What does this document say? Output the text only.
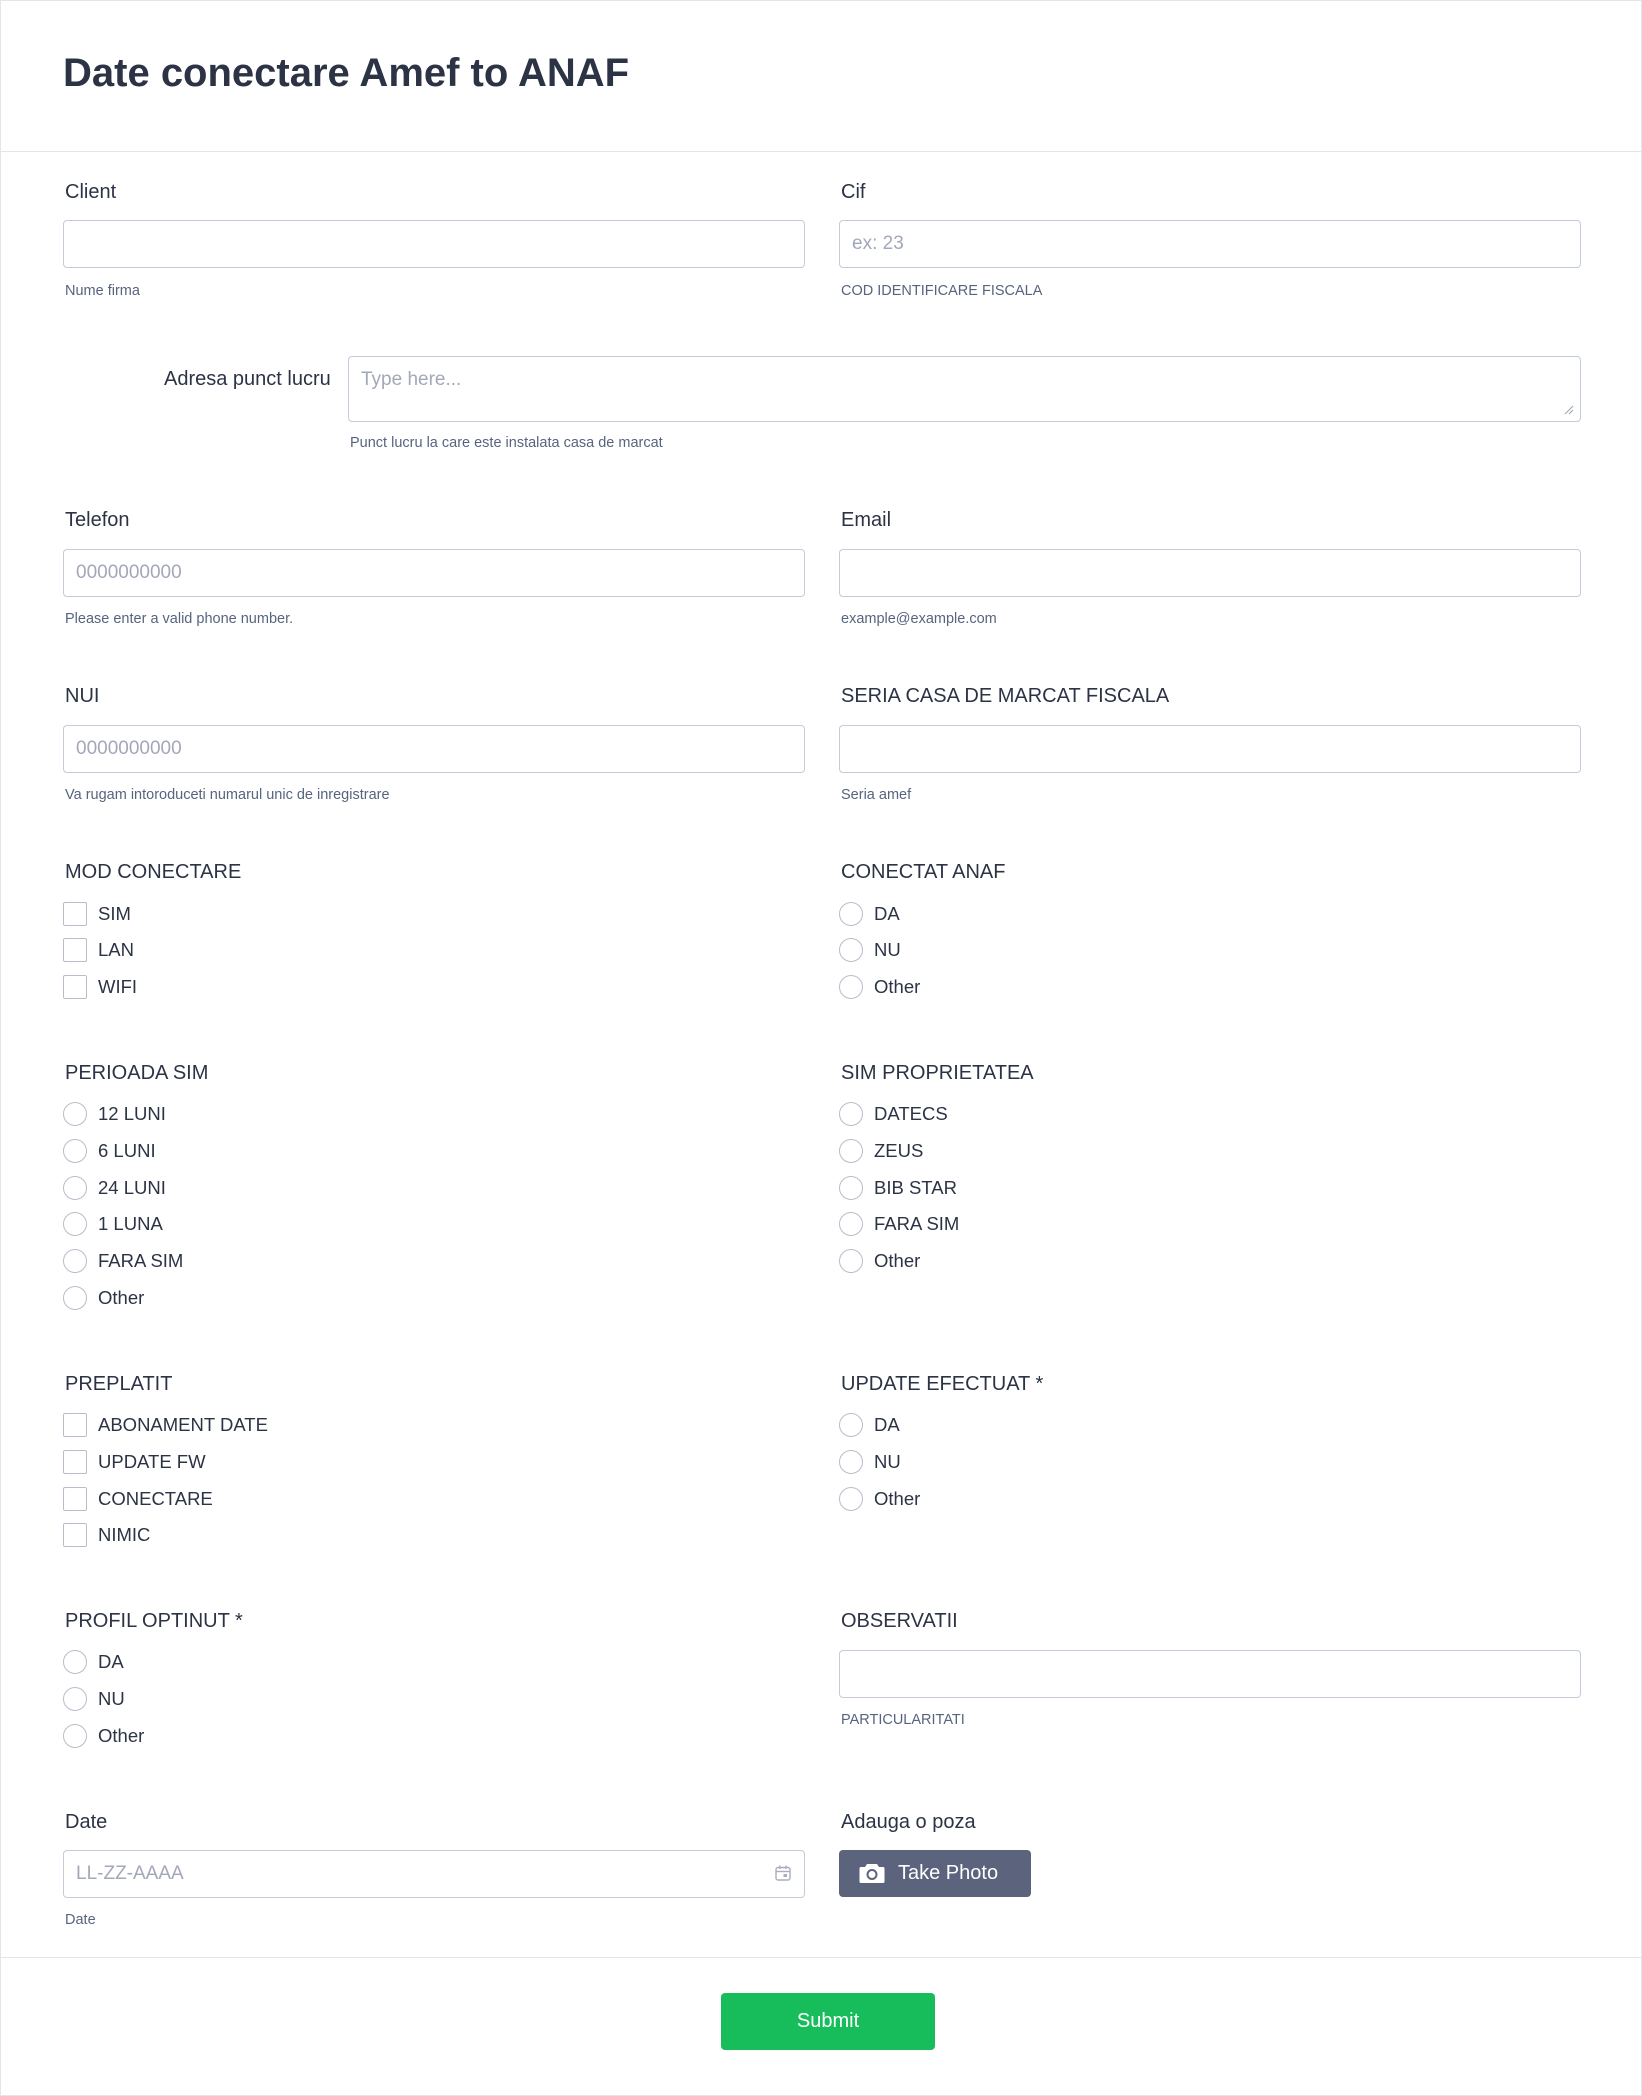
Date conectare Amef to ANAF
Client
Nume firma
Cif
ex: 23
COD IDENTIFICARE FISCALA
Adresa punct lucru
Type here...
Punct lucru la care este instalata casa de marcat
Telefon
0000000000
Please enter a valid phone number.
Email
example@example.com
NUI
0000000000
Va rugam intoroduceti numarul unic de inregistrare
SERIA CASA DE MARCAT FISCALA
Seria amef
MOD CONECTARE
SIM
LAN
WIFI
CONECTAT ANAF
DA
NU
Other
PERIOADA SIM
12 LUNI
6 LUNI
24 LUNI
1 LUNA
FARA SIM
Other
SIM PROPRIETATEA
DATECS
ZEUS
BIB STAR
FARA SIM
Other
PREPLATIT
ABONAMENT DATE
UPDATE FW
CONECTARE
NIMIC
UPDATE EFECTUAT *
DA
NU
Other
PROFIL OPTINUT *
DA
NU
Other
OBSERVATII
PARTICULARITATI
Date
LL-ZZ-AAAA
Date
Adauga o poza
Take Photo
Submit
